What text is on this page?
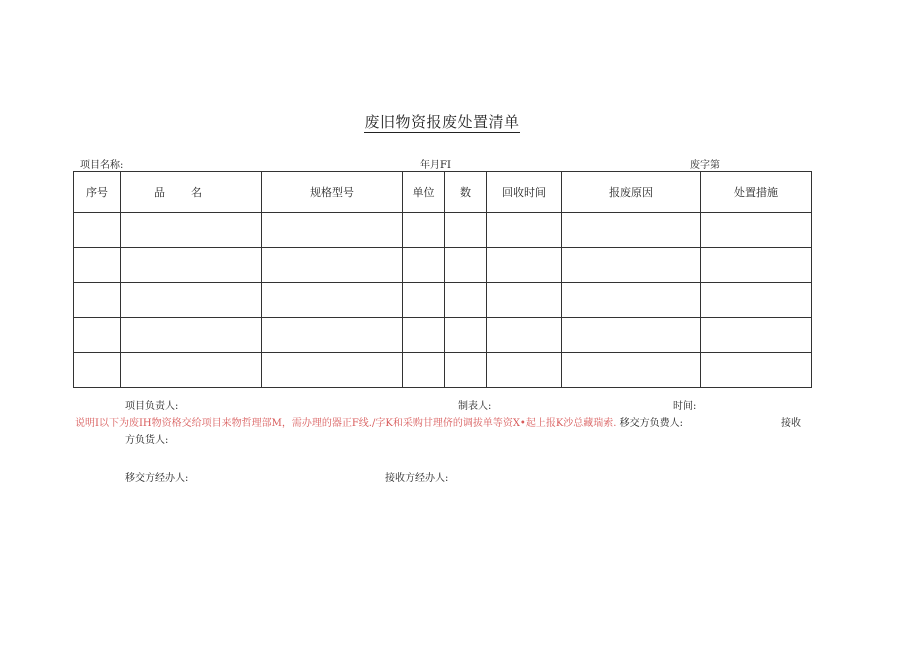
废旧物资报废处置清单
项目名称:	年月FI	废字第
序号	品名	规格型号	单位	数	回收时间	报废原因	处置措施

项目负责人:	制表人:	时间:
说明I以下为废IH物资格交给项目来物哲理部M，需办理的器正F线./字K和采购甘理侪的调拔单等资X•起上报K沙总藏瑞索. 移交方负费人:	接收
方负货人:
移交方经办人:	接收方经办人:
